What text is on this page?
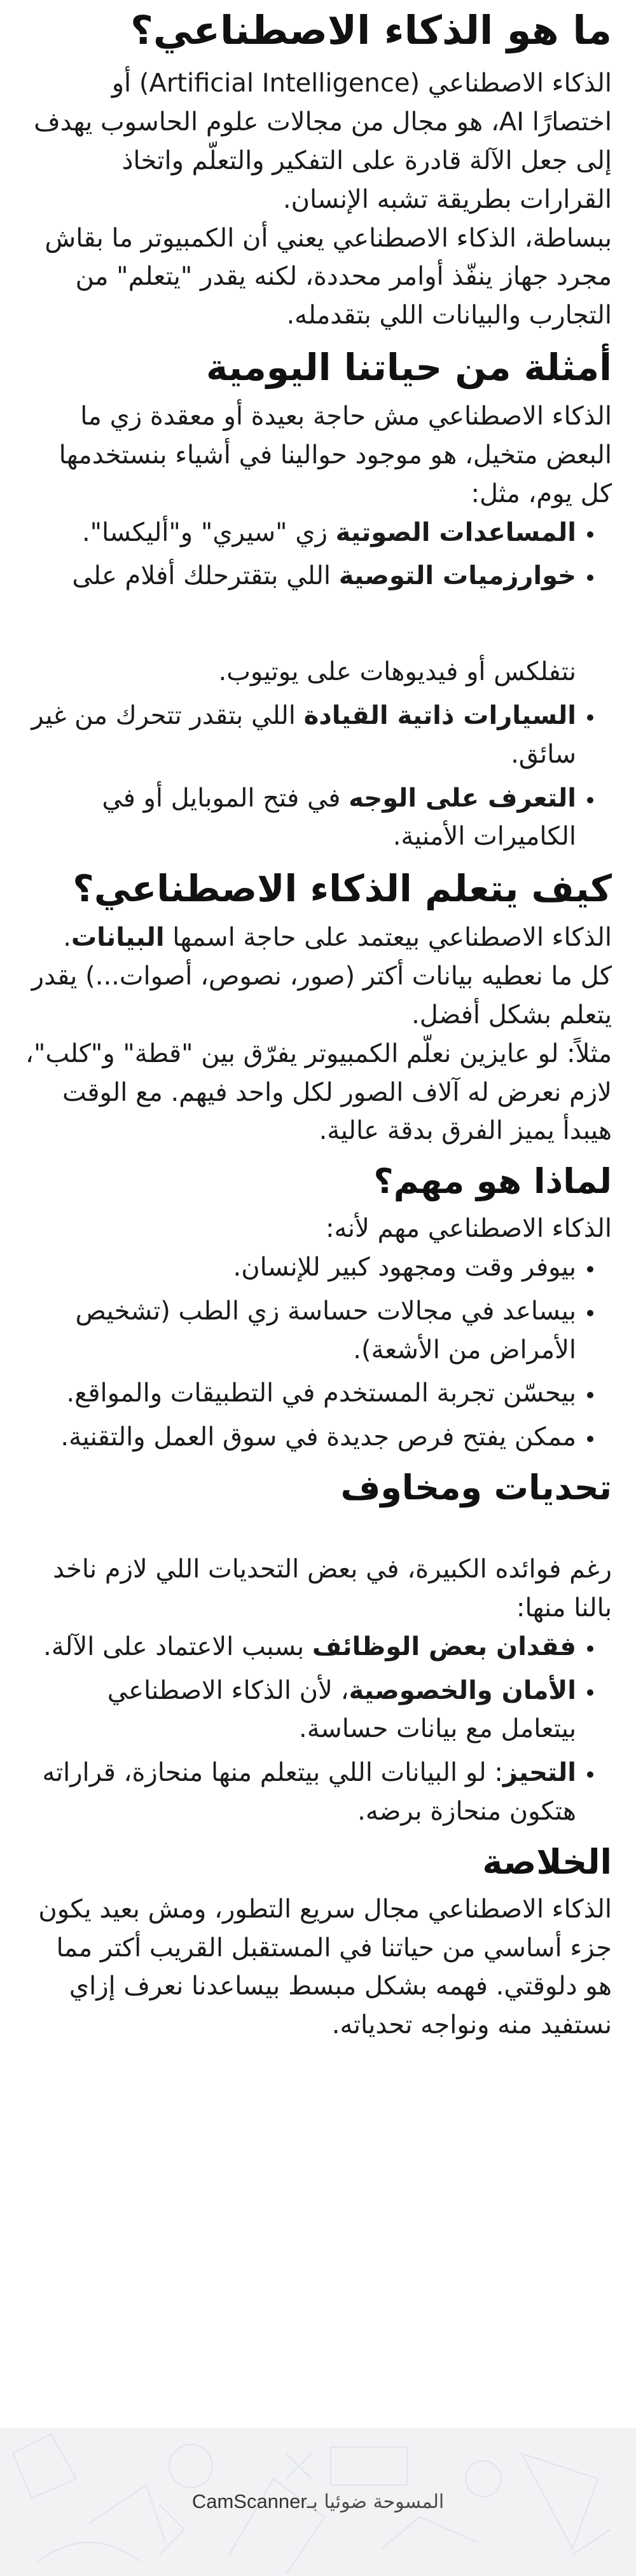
ما هو الذكاء الاصطناعي؟

الذكاء الاصطناعي (Artificial Intelligence) أو اختصارًا AI، هو مجال من مجالات علوم الحاسوب يهدف إلى جعل الآلة قادرة على التفكير والتعلّم واتخاذ القرارات بطريقة تشبه الإنسان.

ببساطة، الذكاء الاصطناعي يعني أن الكمبيوتر ما بقاش مجرد جهاز ينفّذ أوامر محددة، لكنه يقدر "يتعلم" من التجارب والبيانات اللي بتقدمله.

أمثلة من حياتنا اليومية

الذكاء الاصطناعي مش حاجة بعيدة أو معقدة زي ما البعض متخيل، هو موجود حوالينا في أشياء بنستخدمها كل يوم، مثل:

• المساعدات الصوتية زي "سيري" و"أليكسا".
• خوارزميات التوصية اللي بتقترحلك أفلام على
نتفلكس أو فيديوهات على يوتيوب.
• السيارات ذاتية القيادة اللي بتقدر تتحرك من غير سائق.
• التعرف على الوجه في فتح الموبايل أو في الكاميرات الأمنية.
كيف يتعلم الذكاء الاصطناعي؟

الذكاء الاصطناعي بيعتمد على حاجة اسمها البيانات.

كل ما نعطيه بيانات أكتر (صور، نصوص، أصوات...) يقدر يتعلم بشكل أفضل.

مثلاً: لو عايزين نعلّم الكمبيوتر يفرّق بين "قطة" و"كلب"، لازم نعرض له آلاف الصور لكل واحد فيهم. مع الوقت هيبدأ يميز الفرق بدقة عالية.

لماذا هو مهم؟

الذكاء الاصطناعي مهم لأنه:

• بيوفر وقت ومجهود كبير للإنسان.
• بيساعد في مجالات حساسة زي الطب (تشخيص الأمراض من الأشعة).
• بيحسّن تجربة المستخدم في التطبيقات والمواقع.
• ممكن يفتح فرص جديدة في سوق العمل والتقنية.
تحديات ومخاوف

رغم فوائده الكبيرة، في بعض التحديات اللي لازم ناخد بالنا منها:

• فقدان بعض الوظائف بسبب الاعتماد على الآلة.
• الأمان والخصوصية، لأن الذكاء الاصطناعي بيتعامل مع بيانات حساسة.
• التحيز: لو البيانات اللي بيتعلم منها منحازة، قراراته هتكون منحازة برضه.
الخلاصة

الذكاء الاصطناعي مجال سريع التطور، ومش بعيد يكون جزء أساسي من حياتنا في المستقبل القريب أكتر مما هو دلوقتي. فهمه بشكل مبسط بيساعدنا نعرف إزاي نستفيد منه ونواجه تحدياته.

المسوحة ضوئيا بـCamScanner
